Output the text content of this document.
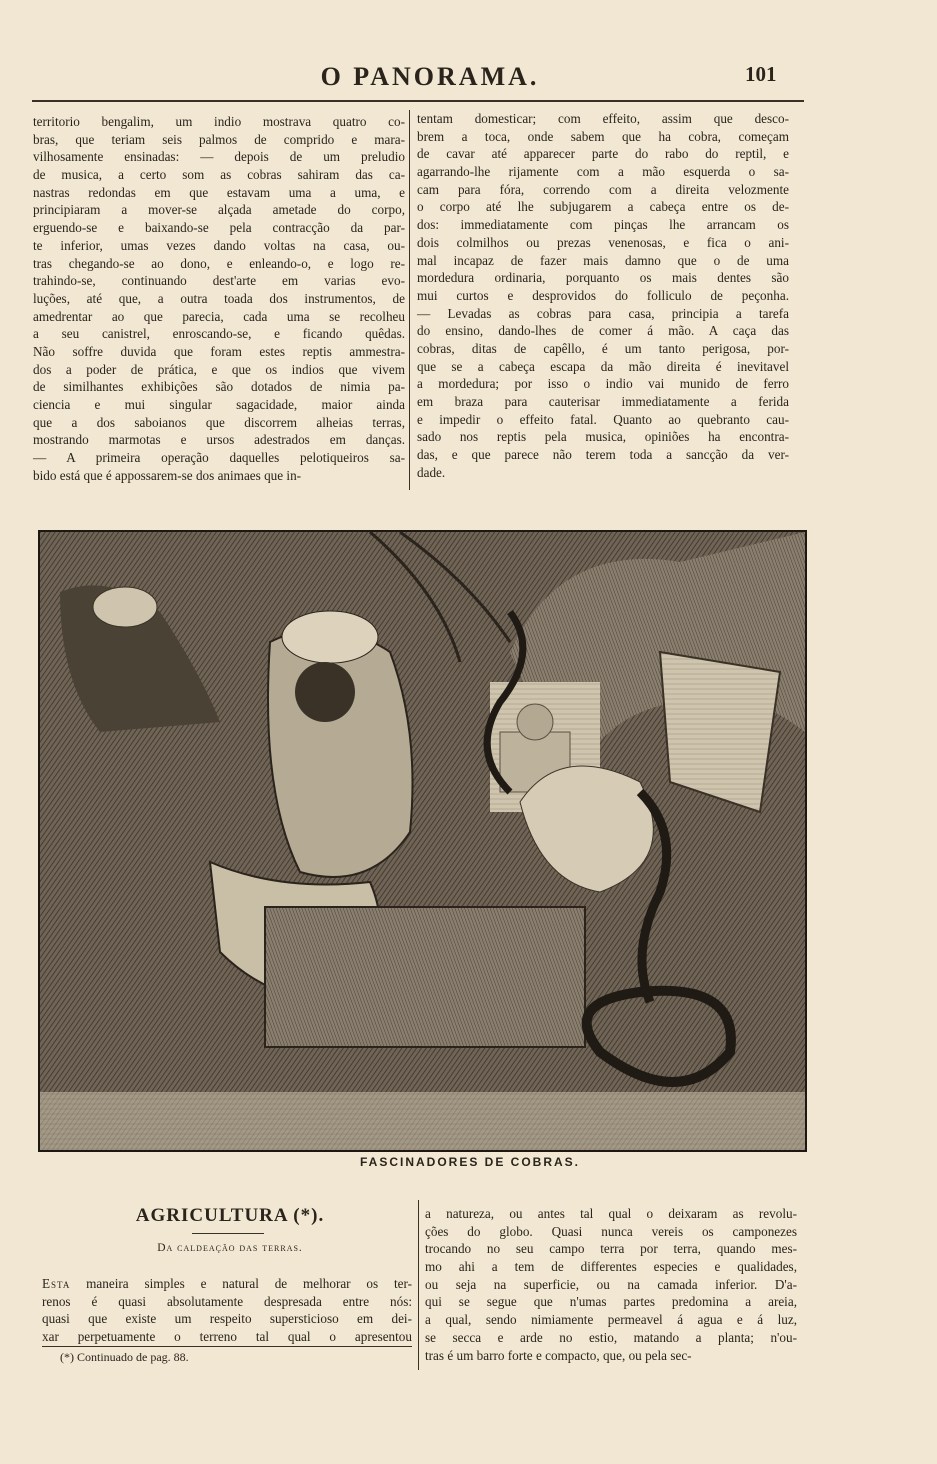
O PANORAMA.	101
territorio bengalim, um indio mostrava quatro co-
bras, que teriam seis palmos de comprido e mara-
vilhosamente ensinadas: — depois de um preludio
de musica, a certo som as cobras sahiram das ca-
nastras redondas em que estavam uma a uma, e
principiaram a mover-se alçada ametade do corpo,
erguendo-se e baixando-se pela contracção da par-
te inferior, umas vezes dando voltas na casa, ou-
tras chegando-se ao dono, e enleando-o, e logo re-
trahindo-se, continuando dest'arte em varias evo-
luções, até que, a outra toada dos instrumentos, de
amedrentar ao que parecia, cada uma se recolheu
a seu canistrel, enroscando-se, e ficando quêdas.
Não soffre duvida que foram estes reptis ammestra-
dos a poder de prática, e que os indios que vivem
de similhantes exhibições são dotados de nimia pa-
ciencia e mui singular sagacidade, maior ainda
que a dos saboianos que discorrem alheias terras,
mostrando marmotas e ursos adestrados em danças.
— A primeira operação daquelles pelotiqueiros sa-
bido está que é appossarem-se dos animaes que in-
tentam domesticar; com effeito, assim que desco-
brem a toca, onde sabem que ha cobra, começam
de cavar até apparecer parte do rabo do reptil, e
agarrando-lhe rijamente com a mão esquerda o sa-
cam para fóra, correndo com a direita velozmente
o corpo até lhe subjugarem a cabeça entre os de-
dos: immediatamente com pinças lhe arrancam os
dois colmilhos ou prezas venenosas, e fica o ani-
mal incapaz de fazer mais damno que o de uma
mordedura ordinaria, porquanto os mais dentes são
mui curtos e desprovidos do folliculo de peçonha.
— Levadas as cobras para casa, principia a tarefa
do ensino, dando-lhes de comer á mão. A caça das
cobras, ditas de capêllo, é um tanto perigosa, por-
que se a cabeça escapa da mão direita é inevitavel
a mordedura; por isso o indio vai munido de ferro
em braza para cauterisar immediatamente a ferida
e impedir o effeito fatal. Quanto ao quebranto cau-
sado nos reptis pela musica, opiniões ha encontra-
das, e que parece não terem toda a sancção da ver-
dade.
FASCINADORES DE COBRAS.
AGRICULTURA (*).
Da caldeação das terras.
Esta maneira simples e natural de melhorar os ter-
renos é quasi absolutamente despresada entre nós:
quasi que existe um respeito supersticioso em dei-
xar perpetuamente o terreno tal qual o apresentou
(*) Continuado de pag. 88.
a natureza, ou antes tal qual o deixaram as revolu-
ções do globo. Quasi nunca vereis os camponezes
trocando no seu campo terra por terra, quando mes-
mo ahi a tem de differentes especies e qualidades,
ou seja na superficie, ou na camada inferior. D'a-
qui se segue que n'umas partes predomina a areia,
a qual, sendo nimiamente permeavel á agua e á luz,
se secca e arde no estio, matando a planta; n'ou-
tras é um barro forte e compacto, que, ou pela sec-
